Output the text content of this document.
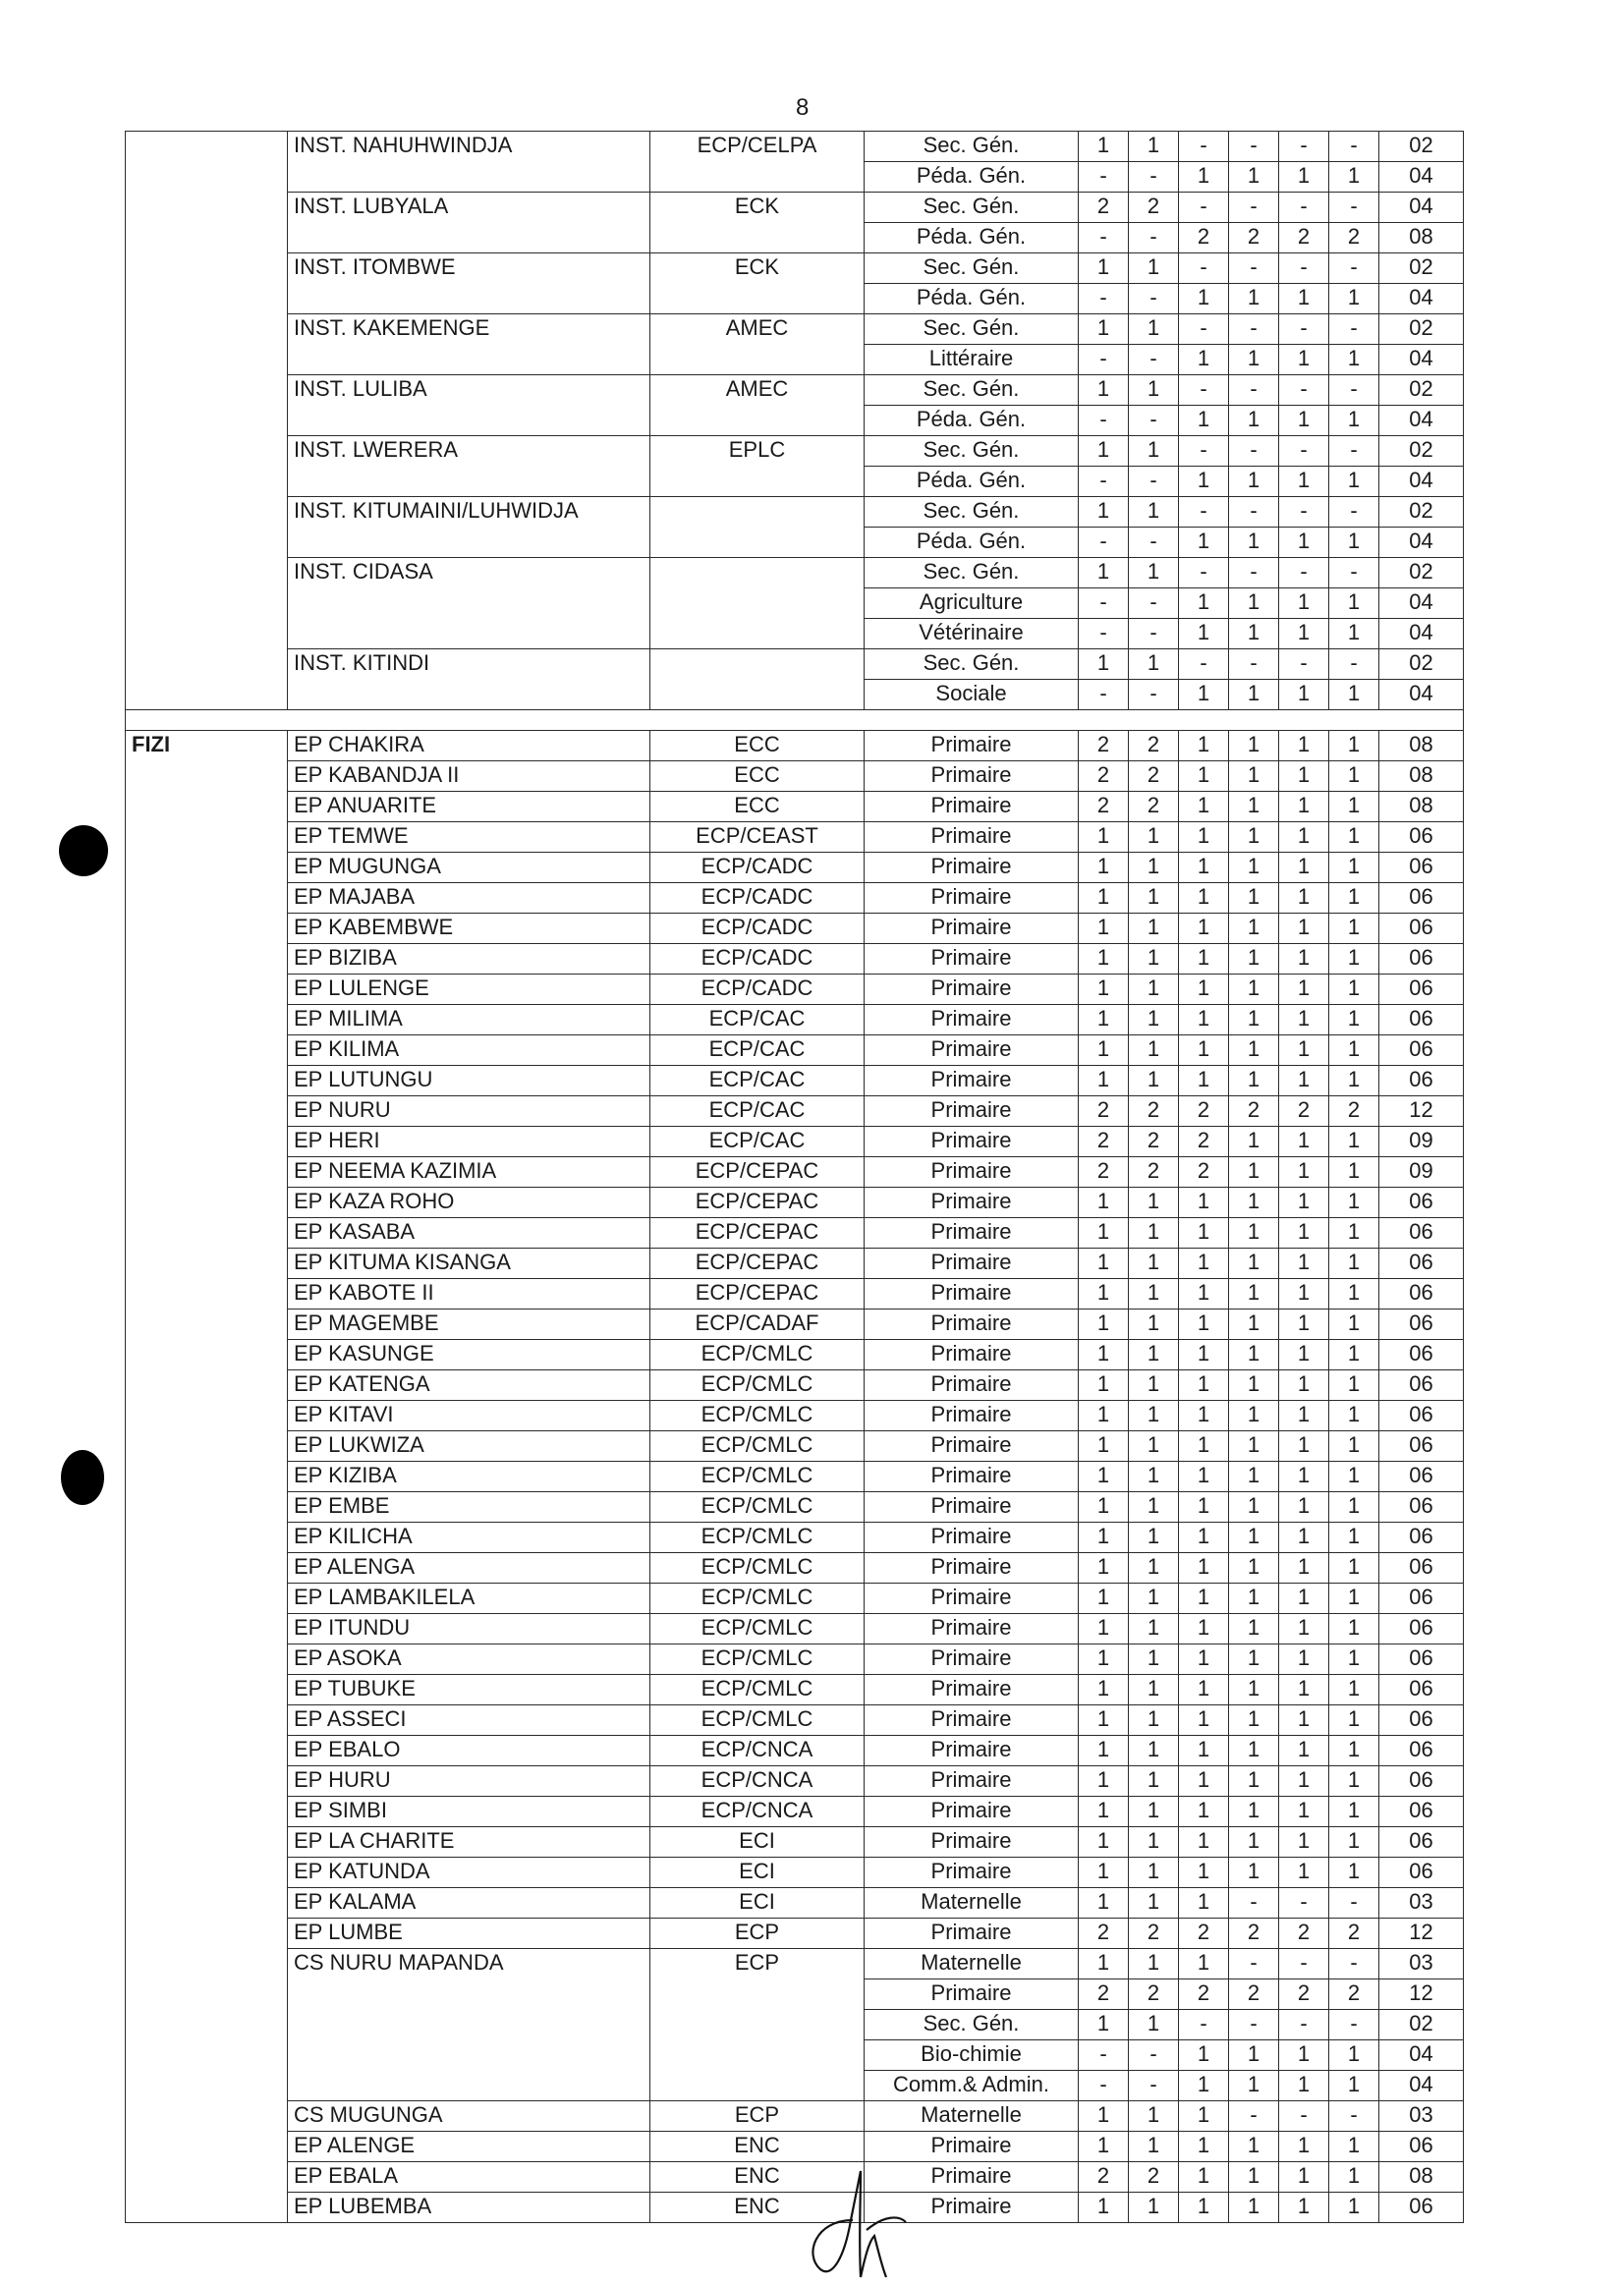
8
	INST. NAHUHWINDJA	ECP/CELPA	Sec. Gén.	1	1	-	-	-	-	02
			Péda. Gén.	-	-	1	1	1	1	04
	INST. LUBYALA	ECK	Sec. Gén.	2	2	-	-	-	-	04
			Péda. Gén.	-	-	2	2	2	2	08
	INST. ITOMBWE	ECK	Sec. Gén.	1	1	-	-	-	-	02
			Péda. Gén.	-	-	1	1	1	1	04
	INST. KAKEMENGE	AMEC	Sec. Gén.	1	1	-	-	-	-	02
			Littéraire	-	-	1	1	1	1	04
	INST. LULIBA	AMEC	Sec. Gén.	1	1	-	-	-	-	02
			Péda. Gén.	-	-	1	1	1	1	04
	INST. LWERERA	EPLC	Sec. Gén.	1	1	-	-	-	-	02
			Péda. Gén.	-	-	1	1	1	1	04
	INST. KITUMAINI/LUHWIDJA		Sec. Gén.	1	1	-	-	-	-	02
			Péda. Gén.	-	-	1	1	1	1	04
	INST. CIDASA		Sec. Gén.	1	1	-	-	-	-	02
			Agriculture	-	-	1	1	1	1	04
			Vétérinaire	-	-	1	1	1	1	04
	INST. KITINDI		Sec. Gén.	1	1	-	-	-	-	02
			Sociale	-	-	1	1	1	1	04

FIZI	EP CHAKIRA	ECC	Primaire	2	2	1	1	1	1	08
	EP KABANDJA II	ECC	Primaire	2	2	1	1	1	1	08
	EP ANUARITE	ECC	Primaire	2	2	1	1	1	1	08
	EP TEMWE	ECP/CEAST	Primaire	1	1	1	1	1	1	06
	EP MUGUNGA	ECP/CADC	Primaire	1	1	1	1	1	1	06
	EP MAJABA	ECP/CADC	Primaire	1	1	1	1	1	1	06
	EP KABEMBWE	ECP/CADC	Primaire	1	1	1	1	1	1	06
	EP BIZIBA	ECP/CADC	Primaire	1	1	1	1	1	1	06
	EP LULENGE	ECP/CADC	Primaire	1	1	1	1	1	1	06
	EP MILIMA	ECP/CAC	Primaire	1	1	1	1	1	1	06
	EP KILIMA	ECP/CAC	Primaire	1	1	1	1	1	1	06
	EP LUTUNGU	ECP/CAC	Primaire	1	1	1	1	1	1	06
	EP NURU	ECP/CAC	Primaire	2	2	2	2	2	2	12
	EP HERI	ECP/CAC	Primaire	2	2	2	1	1	1	09
	EP NEEMA KAZIMIA	ECP/CEPAC	Primaire	2	2	2	1	1	1	09
	EP KAZA ROHO	ECP/CEPAC	Primaire	1	1	1	1	1	1	06
	EP KASABA	ECP/CEPAC	Primaire	1	1	1	1	1	1	06
	EP KITUMA KISANGA	ECP/CEPAC	Primaire	1	1	1	1	1	1	06
	EP KABOTE II	ECP/CEPAC	Primaire	1	1	1	1	1	1	06
	EP MAGEMBE	ECP/CADAF	Primaire	1	1	1	1	1	1	06
	EP KASUNGE	ECP/CMLC	Primaire	1	1	1	1	1	1	06
	EP KATENGA	ECP/CMLC	Primaire	1	1	1	1	1	1	06
	EP KITAVI	ECP/CMLC	Primaire	1	1	1	1	1	1	06
	EP LUKWIZA	ECP/CMLC	Primaire	1	1	1	1	1	1	06
	EP KIZIBA	ECP/CMLC	Primaire	1	1	1	1	1	1	06
	EP EMBE	ECP/CMLC	Primaire	1	1	1	1	1	1	06
	EP KILICHA	ECP/CMLC	Primaire	1	1	1	1	1	1	06
	EP ALENGA	ECP/CMLC	Primaire	1	1	1	1	1	1	06
	EP LAMBAKILELA	ECP/CMLC	Primaire	1	1	1	1	1	1	06
	EP ITUNDU	ECP/CMLC	Primaire	1	1	1	1	1	1	06
	EP ASOKA	ECP/CMLC	Primaire	1	1	1	1	1	1	06
	EP TUBUKE	ECP/CMLC	Primaire	1	1	1	1	1	1	06
	EP ASSECI	ECP/CMLC	Primaire	1	1	1	1	1	1	06
	EP EBALO	ECP/CNCA	Primaire	1	1	1	1	1	1	06
	EP HURU	ECP/CNCA	Primaire	1	1	1	1	1	1	06
	EP SIMBI	ECP/CNCA	Primaire	1	1	1	1	1	1	06
	EP LA CHARITE	ECI	Primaire	1	1	1	1	1	1	06
	EP KATUNDA	ECI	Primaire	1	1	1	1	1	1	06
	EP KALAMA	ECI	Maternelle	1	1	1	-	-	-	03
	EP LUMBE	ECP	Primaire	2	2	2	2	2	2	12
	CS NURU MAPANDA	ECP	Maternelle	1	1	1	-	-	-	03
			Primaire	2	2	2	2	2	2	12
			Sec. Gén.	1	1	-	-	-	-	02
			Bio-chimie	-	-	1	1	1	1	04
			Comm.& Admin.	-	-	1	1	1	1	04
	CS MUGUNGA	ECP	Maternelle	1	1	1	-	-	-	03
	EP ALENGE	ENC	Primaire	1	1	1	1	1	1	06
	EP EBALA	ENC	Primaire	2	2	1	1	1	1	08
	EP LUBEMBA	ENC	Primaire	1	1	1	1	1	1	06
